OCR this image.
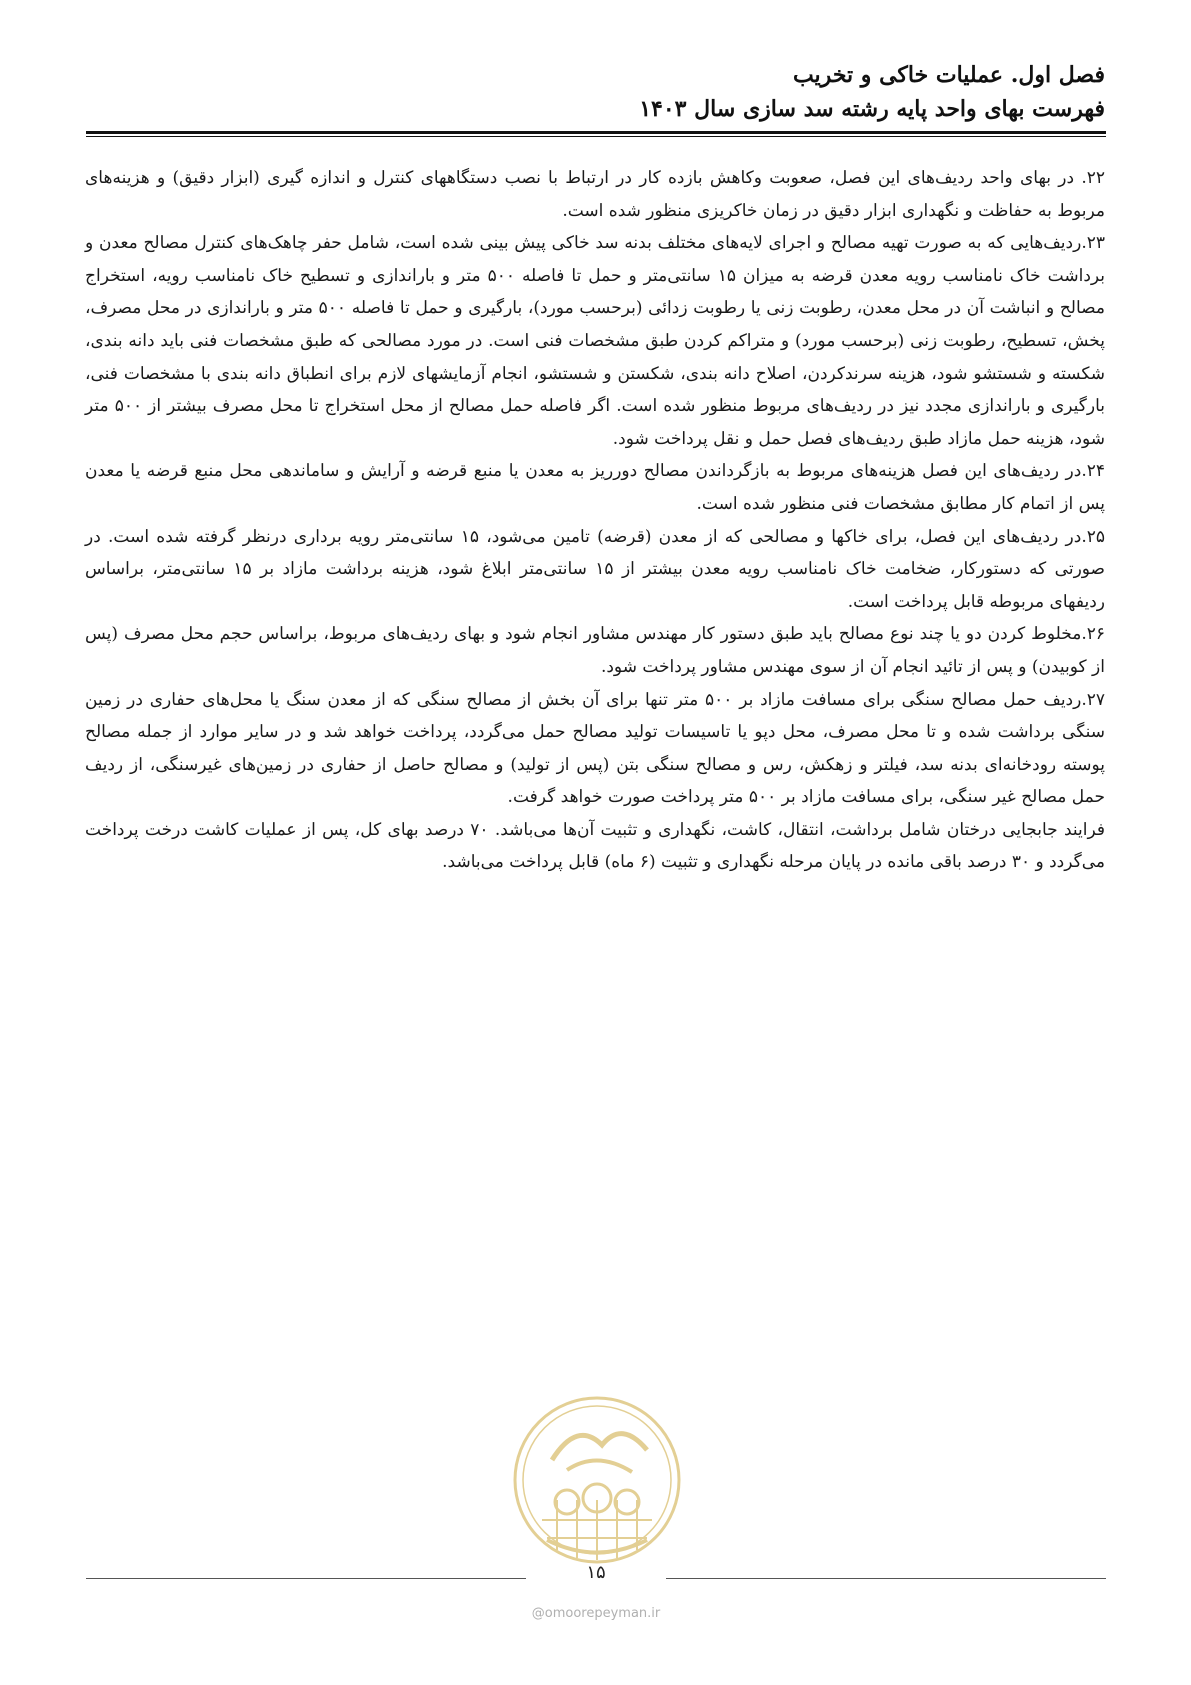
فصل اول. عملیات خاکی و تخریب
فهرست بهای واحد پایه رشته سد سازی سال ۱۴۰۳

۲۲. در بهای واحد ردیف‌های این فصل، صعوبت وکاهش بازده کار در ارتباط با نصب دستگاههای کنترل و اندازه گیری (ابزار دقیق) و هزینه‌های مربوط به حفاظت و نگهداری ابزار دقیق در زمان خاکریزی منظور شده است.

۲۳.ردیف‌هایی که به صورت تهیه مصالح و اجرای لایه‌های مختلف بدنه سد خاکی پیش بینی شده است، شامل حفر چاهک‌های کنترل مصالح معدن و برداشت خاک نامناسب رویه معدن قرضه به میزان ۱۵ سانتی‌متر و حمل تا فاصله ۵۰۰ متر و باراندازی و تسطیح خاک نامناسب رویه، استخراج مصالح و انباشت آن در محل معدن، رطوبت زنی یا رطوبت زدائی (برحسب مورد)، بارگیری و حمل تا فاصله ۵۰۰ متر و باراندازی در محل مصرف، پخش، تسطیح، رطوبت زنی (برحسب مورد) و متراکم کردن طبق مشخصات فنی است. در مورد مصالحی که طبق مشخصات فنی باید دانه بندی، شکسته و شستشو شود، هزینه سرندکردن، اصلاح دانه بندی، شکستن و شستشو، انجام آزمایشهای لازم برای انطباق دانه بندی با مشخصات فنی، بارگیری و باراندازی مجدد نیز در ردیف‌های مربوط منظور شده است. اگر فاصله حمل مصالح از محل استخراج تا محل مصرف بیشتر از ۵۰۰ متر شود، هزینه حمل مازاد طبق ردیف‌های فصل حمل و نقل پرداخت شود.

۲۴.در ردیف‌های این فصل هزینه‌های مربوط به بازگرداندن مصالح دورریز به معدن یا منبع قرضه و آرایش و ساماندهی محل منبع قرضه یا معدن پس از اتمام کار مطابق مشخصات فنی منظور شده است.

۲۵.در ردیف‌های این فصل، برای خاکها و مصالحی که از معدن (قرضه) تامین می‌شود، ۱۵ سانتی‌متر رویه برداری درنظر گرفته شده است. در صورتی که دستورکار، ضخامت خاک نامناسب رویه معدن بیشتر از ۱۵ سانتی‌متر ابلاغ شود، هزینه برداشت مازاد بر ۱۵ سانتی‌متر، براساس ردیفهای مربوطه قابل پرداخت است.

۲۶.مخلوط کردن دو یا چند نوع مصالح باید طبق دستور کار مهندس مشاور انجام شود و بهای ردیف‌های مربوط، براساس حجم محل مصرف (پس از کوبیدن) و پس از تائید انجام آن از سوی مهندس مشاور پرداخت شود.

۲۷.ردیف حمل مصالح سنگی برای مسافت مازاد بر ۵۰۰ متر تنها برای آن بخش از مصالح سنگی که از معدن سنگ یا محل‌های حفاری در زمین سنگی برداشت شده و تا محل مصرف، محل دپو یا تاسیسات تولید مصالح حمل می‌گردد، پرداخت خواهد شد و در سایر موارد از جمله مصالح پوسته رودخانه‌ای بدنه سد، فیلتر و زهکش، رس و مصالح سنگی بتن (پس از تولید) و مصالح حاصل از حفاری در زمین‌های غیرسنگی، از ردیف حمل مصالح غیر سنگی، برای مسافت مازاد بر ۵۰۰ متر پرداخت صورت خواهد گرفت.

فرایند جابجایی درختان شامل برداشت، انتقال، کاشت، نگهداری و تثبیت آن‌ها می‌باشد. ۷۰ درصد بهای کل، پس از عملیات کاشت درخت پرداخت می‌گردد و ۳۰ درصد باقی مانده در پایان مرحله نگهداری و تثبیت (۶ ماه) قابل پرداخت می‌باشد.

۱۵
@omoorepeyman.ir
